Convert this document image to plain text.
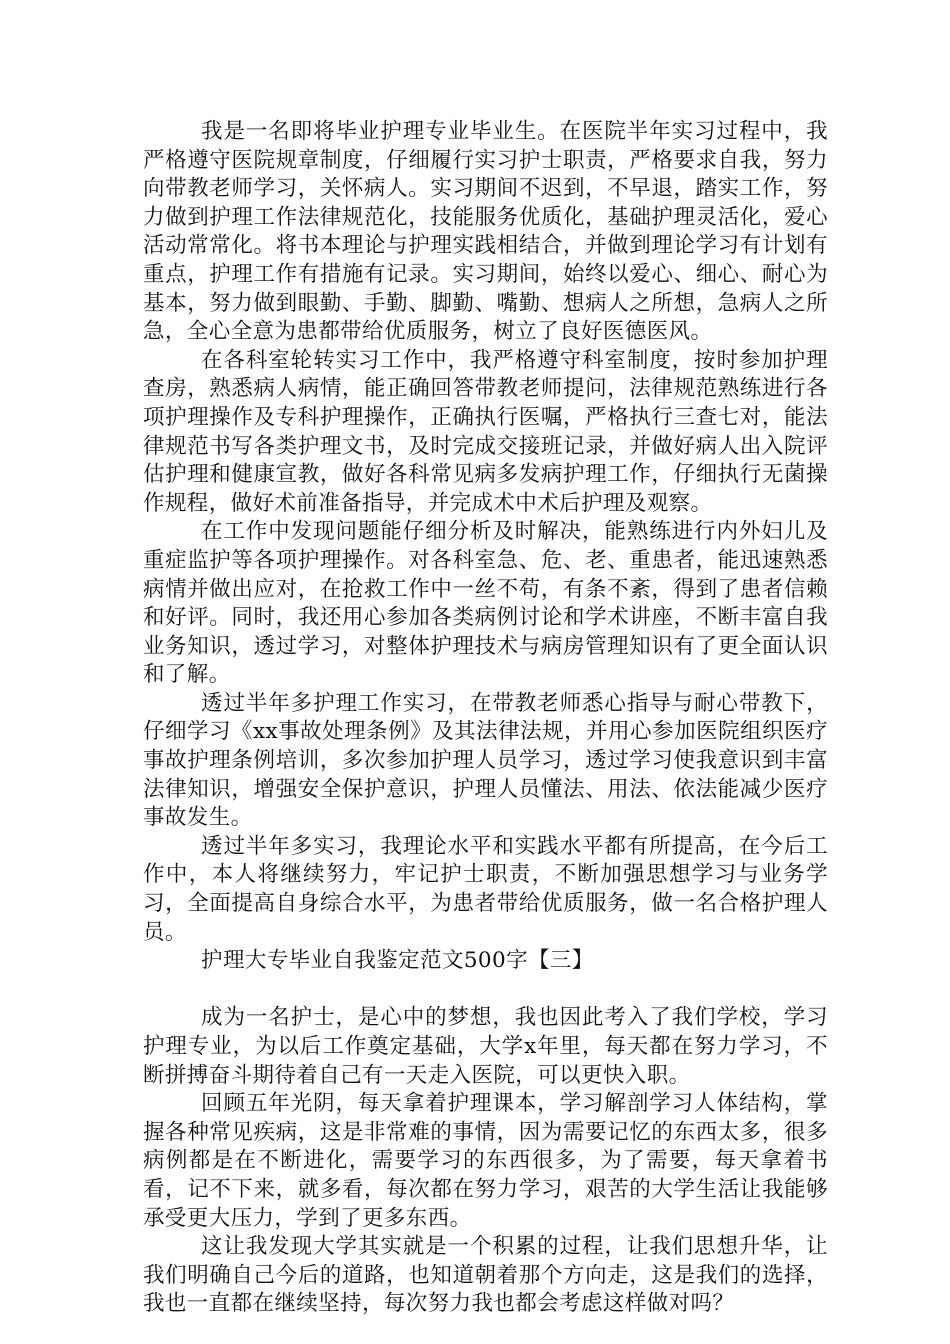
我是一名即将毕业护理专业毕业生。在医院半年实习过程中，我严格遵守医院规章制度，仔细履行实习护士职责，严格要求自我，努力向带教老师学习，关怀病人。实习期间不迟到，不早退，踏实工作，努力做到护理工作法律规范化，技能服务优质化，基础护理灵活化，爱心活动常常化。将书本理论与护理实践相结合，并做到理论学习有计划有重点，护理工作有措施有记录。实习期间，始终以爱心、细心、耐心为基本，努力做到眼勤、手勤、脚勤、嘴勤、想病人之所想，急病人之所急，全心全意为患都带给优质服务，树立了良好医德医风。

在各科室轮转实习工作中，我严格遵守科室制度，按时参加护理查房，熟悉病人病情，能正确回答带教老师提问，法律规范熟练进行各项护理操作及专科护理操作，正确执行医嘱，严格执行三查七对，能法律规范书写各类护理文书，及时完成交接班记录，并做好病人出入院评估护理和健康宣教，做好各科常见病多发病护理工作，仔细执行无菌操作规程，做好术前准备指导，并完成术中术后护理及观察。

在工作中发现问题能仔细分析及时解决，能熟练进行内外妇儿及重症监护等各项护理操作。对各科室急、危、老、重患者，能迅速熟悉病情并做出应对，在抢救工作中一丝不苟，有条不紊，得到了患者信赖和好评。同时，我还用心参加各类病例讨论和学术讲座，不断丰富自我业务知识，透过学习，对整体护理技术与病房管理知识有了更全面认识和了解。

透过半年多护理工作实习，在带教老师悉心指导与耐心带教下，仔细学习《xx事故处理条例》及其法律法规，并用心参加医院组织医疗事故护理条例培训，多次参加护理人员学习，透过学习使我意识到丰富法律知识，增强安全保护意识，护理人员懂法、用法、依法能减少医疗事故发生。

透过半年多实习，我理论水平和实践水平都有所提高，在今后工作中，本人将继续努力，牢记护士职责，不断加强思想学习与业务学习，全面提高自身综合水平，为患者带给优质服务，做一名合格护理人员。

护理大专毕业自我鉴定范文500字【三】

成为一名护士，是心中的梦想，我也因此考入了我们学校，学习护理专业，为以后工作奠定基础，大学x年里，每天都在努力学习，不断拼搏奋斗期待着自己有一天走入医院，可以更快入职。

回顾五年光阴，每天拿着护理课本，学习解剖学习人体结构，掌握各种常见疾病，这是非常难的事情，因为需要记忆的东西太多，很多病例都是在不断进化，需要学习的东西很多，为了需要，每天拿着书看，记不下来，就多看，每次都在努力学习，艰苦的大学生活让我能够承受更大压力，学到了更多东西。

这让我发现大学其实就是一个积累的过程，让我们思想升华，让我们明确自己今后的道路，也知道朝着那个方向走，这是我们的选择，我也一直都在继续坚持，每次努力我也都会考虑这样做对吗？
